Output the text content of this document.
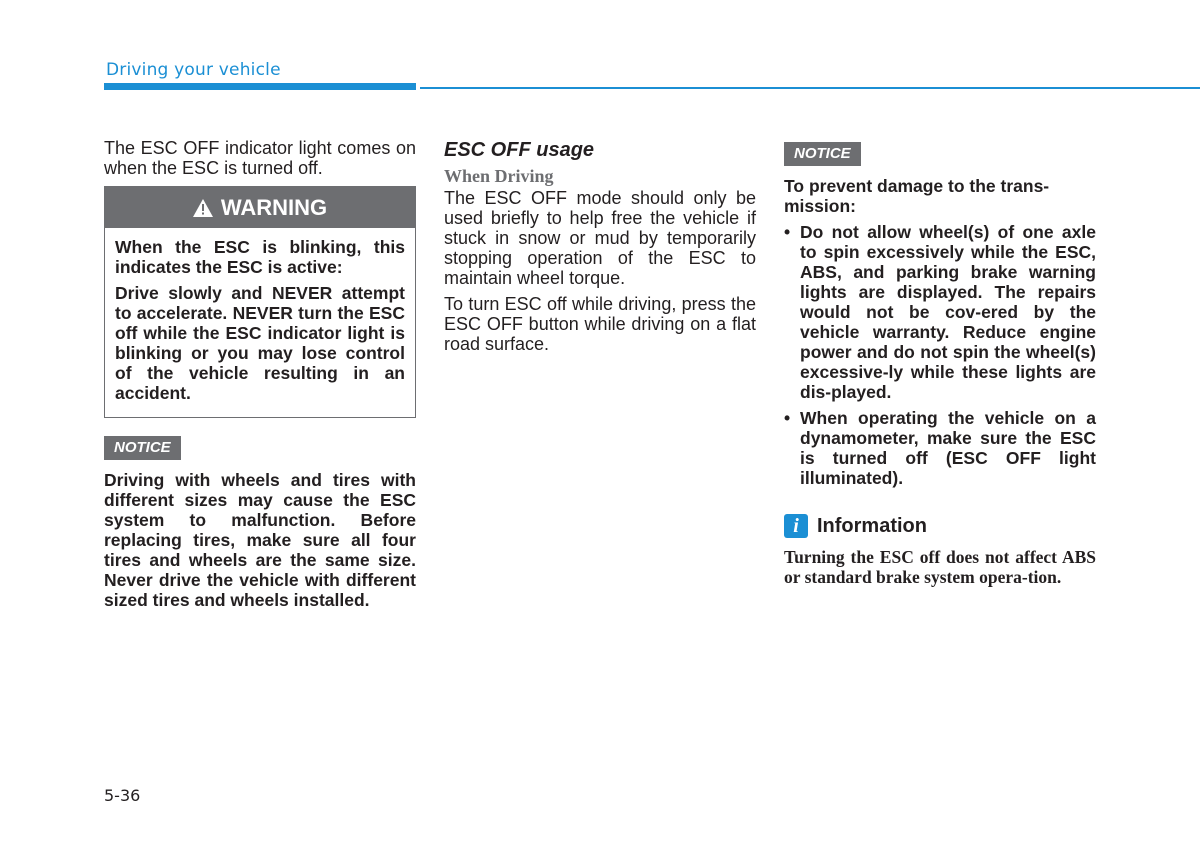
Driving your vehicle

The ESC OFF indicator light comes on when the ESC is turned off.

WARNING

When the ESC is blinking, this indicates the ESC is active:

Drive slowly and NEVER attempt to accelerate. NEVER turn the ESC off while the ESC indicator light is blinking or you may lose control of the vehicle resulting in an accident.

NOTICE

Driving with wheels and tires with different sizes may cause the ESC system to malfunction. Before replacing tires, make sure all four tires and wheels are the same size. Never drive the vehicle with different sized tires and wheels installed.

ESC OFF usage
When Driving

The ESC OFF mode should only be used briefly to help free the vehicle if stuck in snow or mud by temporarily stopping operation of the ESC to maintain wheel torque.

To turn ESC off while driving, press the ESC OFF button while driving on a flat road surface.

NOTICE

To prevent damage to the trans-mission:

• Do not allow wheel(s) of one axle to spin excessively while the ESC, ABS, and parking brake warning lights are displayed. The repairs would not be cov-ered by the vehicle warranty. Reduce engine power and do not spin the wheel(s) excessive-ly while these lights are dis-played.
• When operating the vehicle on a dynamometer, make sure the ESC is turned off (ESC OFF light illuminated).
i Information

Turning the ESC off does not affect ABS or standard brake system opera-tion.

5-36
